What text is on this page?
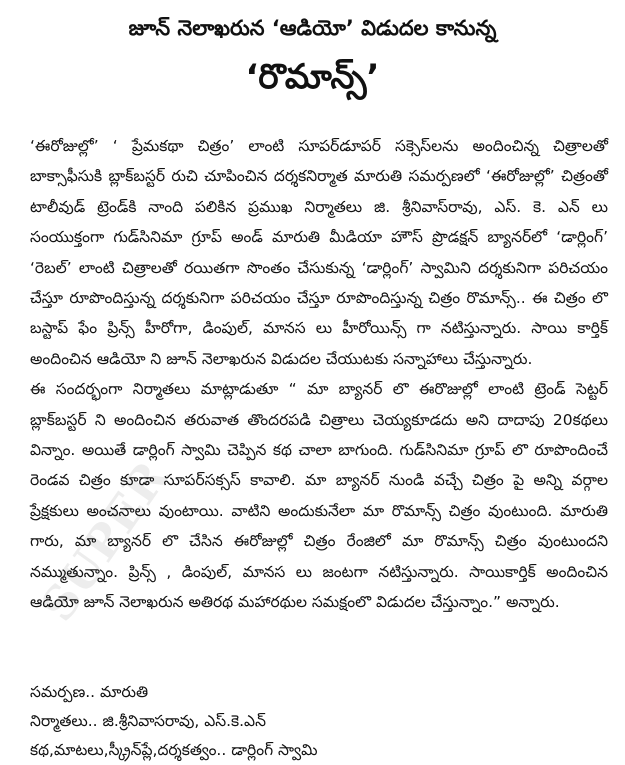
SUPER
జూన్ నెలాఖరున ‘ఆడియో’ విడుదల కానున్న
‘రొమాన్స్’

‘ఈరోజుల్లో’ ‘ ప్రేమకథా చిత్రం’ లాంటి సూపర్‌డూపర్ సక్సెస్‌లను అందించిన్న చిత్రాలతో బాక్సాఫీసుకి బ్లాక్‌బస్టర్ రుచి చూపించిన దర్శకనిర్మాత మారుతి సమర్పణలో ‘ఈరోజుల్లో’ చిత్రంతో టాలీవుడ్ ట్రెండ్‌కి నాంది పలికిన ప్రముఖ నిర్మాతలు జి. శ్రీనివాస్‌రావు, ఎస్. కె. ఎన్ లు సంయుక్తంగా గుడ్‌సినిమా గ్రూప్ అండ్ మారుతి మీడియా హౌస్ ప్రొడక్షన్ బ్యానర్‌లో ‘డార్లింగ్’ ‘రెబల్’ లాంటి చిత్రాలతో రయితగా సొంతం చేసుకున్న ‘డార్లింగ్’ స్వామిని దర్శకునిగా పరిచయం చేస్తూ రూపొందిస్తున్న దర్శకునిగా పరిచయం చేస్తూ రూపొందిస్తున్న చిత్రం రొమాన్స్.. ఈ చిత్రం లొ బస్టాప్ ఫేం ప్రిన్స్ హీరోగా, డింపుల్, మానస లు హీరోయిన్స్ గా నటిస్తున్నారు. సాయి కార్తిక్ అందించిన ఆడియో ని జూన్ నెలాఖరున విడుదల చేయుటకు సన్నాహాలు చేస్తున్నారు.

ఈ సందర్భంగా నిర్మాతలు మాట్లాడుతూ “ మా బ్యానర్ లొ ఈరొజుల్లో లాంటి ట్రెండ్ సెట్టర్ బ్లాక్‌బస్టర్ ని అందించిన తరువాత తొందరపడి చిత్రాలు చెయ్యకూడదు అని దాదాపు 20కథలు విన్నాం. అయితే డార్లింగ్ స్వామి చెప్పిన కథ చాలా బాగుంది. గుడ్‌సినిమా గ్రూప్ లొ రూపొందించే రెండవ చిత్రం కూడా సూపర్‌సక్సస్ కావాలి. మా బ్యానర్ నుండి వచ్చే చిత్రం పై అన్ని వర్గాల ప్రేక్షకులు అంచనాలు వుంటాయి. వాటిని అందుకునేలా మా రొమాన్స్ చిత్రం వుంటుంది. మారుతి గారు, మా బ్యానర్ లొ చేసిన ఈరోజుల్లో చిత్రం రేంజిలో మా రొమాన్స్ చిత్రం వుంటుందని నమ్ముతున్నాం. ప్రిన్స్ , డింపుల్, మానస లు జంటగా నటిస్తున్నారు. సాయికార్తిక్ అందించిన ఆడియో జూన్ నెలాఖరున అతిరథ మహారథుల సమక్షంలొ విడుదల చేస్తున్నాం.” అన్నారు.

సమర్పణ.. మారుతి
నిర్మాతలు.. జి.శ్రీనివాసరావు, ఎస్.కె.ఎన్
కథ,మాటలు,స్క్రీన్‌ప్లే,దర్శకత్వం.. డార్లింగ్ స్వామి
